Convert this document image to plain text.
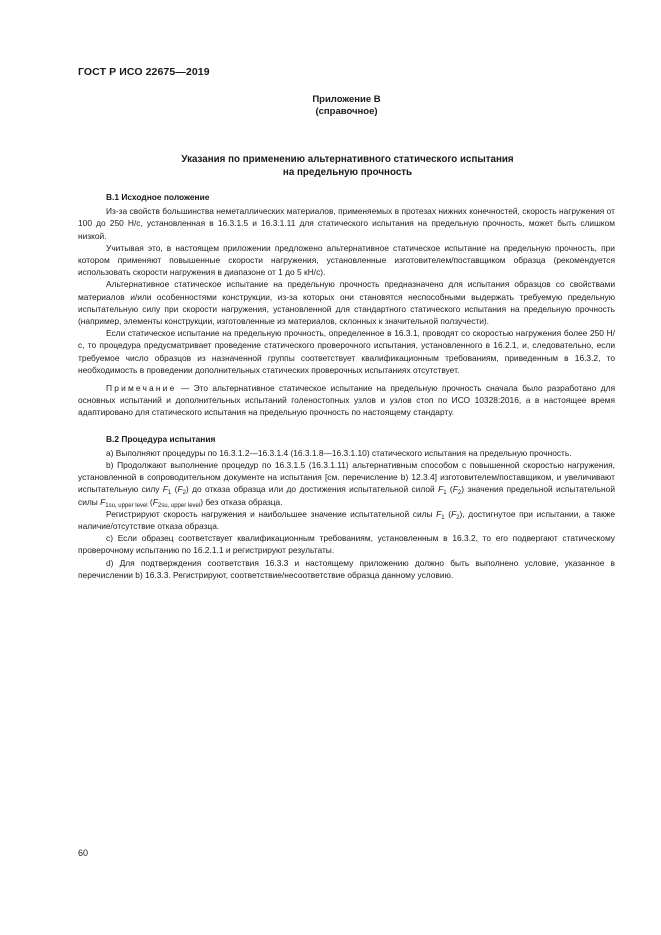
ГОСТ Р ИСО 22675—2019
Приложение В
(справочное)
Указания по применению альтернативного статического испытания
на предельную прочность
В.1 Исходное положение

Из-за свойств большинства неметаллических материалов, применяемых в протезах нижних конечностей, скорость нагружения от 100 до 250 Н/с, установленная в 16.3.1.5 и 16.3.1.11 для статического испытания на предельную прочность, может быть слишком низкой.

Учитывая это, в настоящем приложении предложено альтернативное статическое испытание на предельную прочность, при котором применяют повышенные скорости нагружения, установленные изготовителем/поставщиком образца (рекомендуется использовать скорости нагружения в диапазоне от 1 до 5 кН/с).

Альтернативное статическое испытание на предельную прочность предназначено для испытания образцов со свойствами материалов и/или особенностями конструкции, из-за которых они становятся неспособными выдержать требуемую предельную испытательную силу при скорости нагружения, установленной для стандартного статического испытания на предельную прочность (например, элементы конструкции, изготовленные из материалов, склонных к значительной ползучести).

Если статическое испытание на предельную прочность, определенное в 16.3.1, проводят со скоростью нагружения более 250 Н/с, то процедура предусматривает проведение статического проверочного испытания, установленного в 16.2.1, и, следовательно, если требуемое число образцов из назначенной группы соответствует квалификационным требованиям, приведенным в 16.3.2, то необходимость в проведении дополнительных статических проверочных испытаниях отсутствует.

Примечание — Это альтернативное статическое испытание на предельную прочность сначала было разработано для основных испытаний и дополнительных испытаний голеностопных узлов и узлов стоп по ИСО 10328:2016, а в настоящее время адаптировано для статического испытания на предельную прочность по настоящему стандарту.

В.2 Процедура испытания

а) Выполняют процедуры по 16.3.1.2—16.3.1.4 (16.3.1.8—16.3.1.10) статического испытания на предельную прочность.

b) Продолжают выполнение процедур по 16.3.1.5 (16.3.1.11) альтернативным способом с повышенной скоростью нагружения, установленной в сопроводительном документе на испытания [см. перечисление b) 12.3.4] изготовителем/поставщиком, и увеличивают испытательную силу $F_1$ $(F_2)$ до отказа образца или до достижения испытательной силой $F_1$ $(F_2)$ значения предельной испытательной силы $F_{1su, upper level}$ $(F_{2su, upper level})$ без отказа образца.

Регистрируют скорость нагружения и наибольшее значение испытательной силы $F_1$ $(F_2)$, достигнутое при испытании, а также наличие/отсутствие отказа образца.

с) Если образец соответствует квалификационным требованиям, установленным в 16.3.2, то его подвергают статическому проверочному испытанию по 16.2.1.1 и регистрируют результаты.

d) Для подтверждения соответствия 16.3.3 и настоящему приложению должно быть выполнено условие, указанное в перечислении b) 16.3.3. Регистрируют, соответствие/несоответствие образца данному условию.

60
